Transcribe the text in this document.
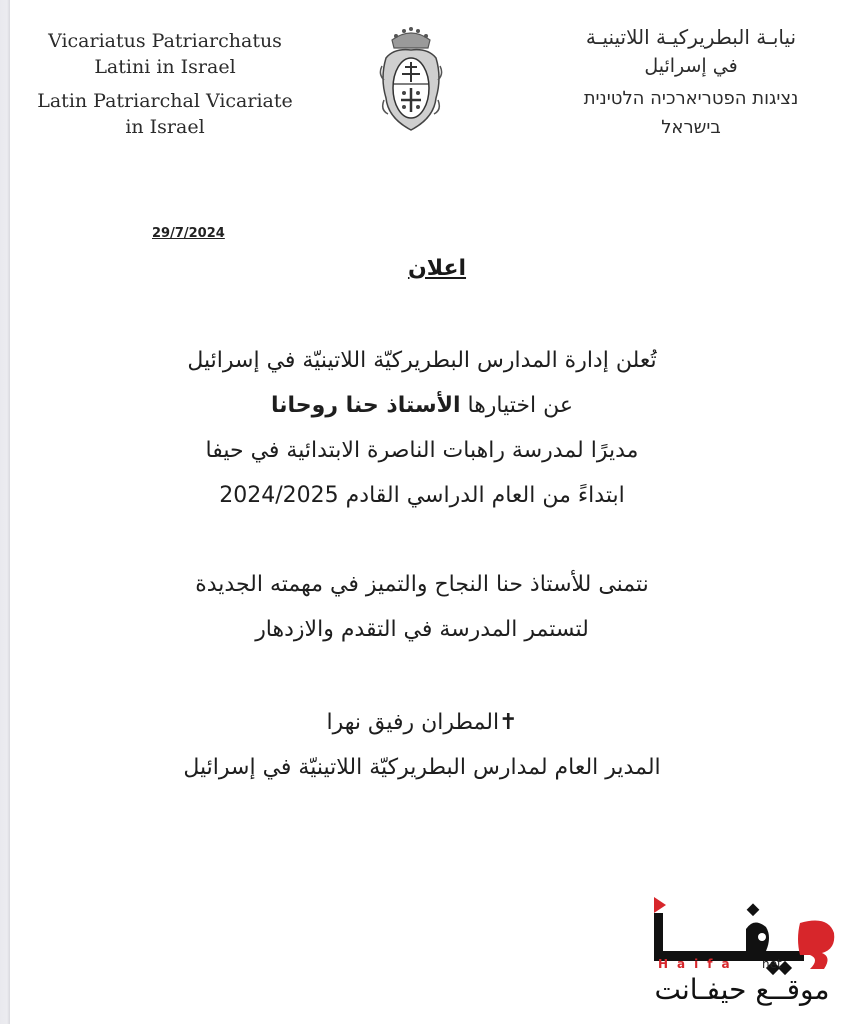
Vicariatus Patriarchatus
Latini in Israel
Latin Patriarchal Vicariate
in Israel
نيابـة البطريركيـة اللاتينيـة
في إسرائيل
נציגות הפטריארכיה הלטינית
בישראל
29/7/2024
اعلان
تُعلن إدارة المدارس البطريركيّة اللاتينيّة في إسرائيل
عن اختيارها الأستاذ حنا روحانا
مديرًا لمدرسة راهبات الناصرة الابتدائية في حيفا
ابتداءً من العام الدراسي القادم 2024/2025
نتمنى للأستاذ حنا النجاح والتميز في مهمته الجديدة
لتستمر المدرسة في التقدم والازدهار
✝المطران رفيق نهرا
المدير العام لمدارس البطريركيّة اللاتينيّة في إسرائيل
Haifa net
موقــع حيفـانت
